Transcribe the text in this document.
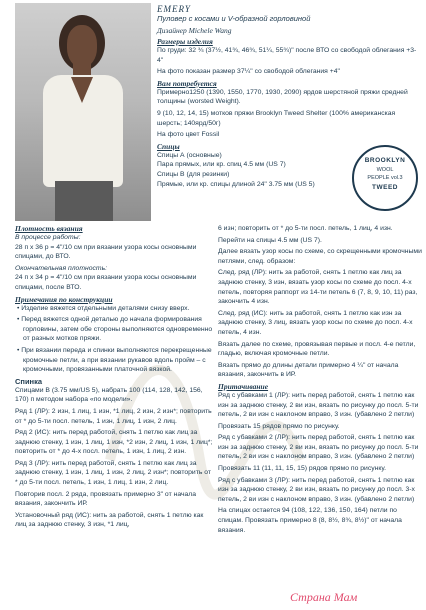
EMERY
Пуловер с косами и V-образной горловиной
Дизайнер Michele Wang
Размеры изделия
По груди: 32 ¾ (37½, 41¾, 46¾, 51¼, 55¾)" после ВТО со свободой облегания +3-4"
На фото показан размер 37¼" со свободой облегания +4"
Вам потребуется
Примерно1250 (1390, 1550, 1770, 1930, 2090) ярдов шерстяной пряжи средней толщины (worsted Weight).
9 (10, 12, 14, 15) мотков пряжи Brooklyn Tweed Shelter (100% американская шерсть; 140ярд/50г)
На фото цвет Fossil
Спицы
Спицы А (основные)
Пара прямых, или кр. спиц 4.5 мм (US 7)
Спицы В (для резинки)
Прямые, или кр. спицы длиной 24" 3.75 мм (US 5)
BROOKLYN
WOOL
PEOPLE vol.3
TWEED
Плотность вязания
В процессе работы:
28 п х 36 р = 4"/10 см при вязании узора косы основными спицами, до ВТО.
Окончательная плотность:
24 п х 34 р = 4"/10 см при вязании узора косы основными спицами, после ВТО.
Примечания по конструкции
• Изделие вяжется отдельными деталями снизу вверх.
• Перед вяжется одной деталью до начала формирования горловины, затем обе стороны выполняются одновременно от разных мотков пряжи.
• При вязании переда и спинки выполняются перекрещенные кромочные петли, а при вязании рукавов вдоль пройм – с кромочными, провязанными платочной вязкой.
Спинка
Спицами В (3.75 мм/US 5), набрать 100 (114, 128, 142, 156, 170) п методом набора «по модели».
Ряд 1 (ЛР): 2 изн, 1 лиц, 1 изн, *1 лиц, 2 изн, 2 изн*; повторить от * до 5-ти посл. петель, 1 изн, 1 лиц, 1 изн, 2 лиц.
Ряд 2 (ИС): нить перед работой, снять 1 петлю как лиц за заднюю стенку, 1 изн, 1 лиц, 1 изн, *2 изн, 2 лиц, 1 изн, 1 лиц*; повторить от * до 4-х посл. петель, 1 изн, 1 лиц, 2 изн.
Ряд 3 (ЛР): нить перед работой, снять 1 петлю как лиц за заднюю стенку, 1 изн, 1 лиц, 1 изн, 2 лиц, 2 изн*; повторить от * до 5-ти посл. петель, 1 изн, 1 лиц, 1 изн, 2 лиц.
Повторив посл. 2 ряда, провязать примерно 3" от начала вязания, закончить ИР.
Установочный ряд (ИС): нить за работой, снять 1 петлю как лиц за заднюю стенку, 3 изн, *1 лиц,
6 изн; повторить от * до 5-ти посл. петель, 1 лиц, 4 изн.
Перейти на спицы 4.5 мм (US 7).
Далее вязать узор косы по схеме, со скрещенными кромочными петлями, след. образом:
След. ряд (ЛР): нить за работой, снять 1 петлю как лиц за заднюю стенку, 3 изн, вязать узор косы по схеме до посл. 4-х петель, повторяя раппорт из 14-ти петель 6 (7, 8, 9, 10, 11) раз, закончить 4 изн.
След. ряд (ИС): нить за работой, снять 1 петлю как изн за заднюю стенку, 3 лиц, вязать узор косы по схеме до посл. 4-х петель, 4 изн.
Вязать далее по схеме, провязывая первые и посл. 4-е петли, гладью, включая кромочные петли.
Вязать прямо до длины детали примерно 4 ¼" от начала вязания, закончить в ИР.
Притачивание
Ряд с убавками 1 (ЛР): нить перед работой, снять 1 петлю как изн за заднюю стенку, 2 ви изн, вязать по рисунку до посл. 5-ти петель, 2 ви изн с наклоном вправо, 3 изн. (убавлено 2 петли)
Провязать 15 рядов прямо по рисунку.
Ряд с убавками 2 (ЛР): нить перед работой, снять 1 петлю как изн за заднюю стенку, 2 ви изн, вязать по рисунку до посл. 5-ти петель, 2 ви изн с наклоном вправо, 3 изн. (убавлено 2 петли)
Провязать 11 (11, 11, 15, 15) рядов прямо по рисунку.
Ряд с убавками 3 (ЛР): нить перед работой, снять 1 петлю как изн за заднюю стенку, 2 ви изн, вязать по рисунку до посл. 3-х петель, 2 ви изн с наклоном вправо, 3 изн. (убавлено 2 петли)
На спицах остается 94 (108, 122, 136, 150, 164) петли по спицам. Провязать примерно 8 (8, 8½, 8¾, 8½)" от начала вязания.
Страна Мам
